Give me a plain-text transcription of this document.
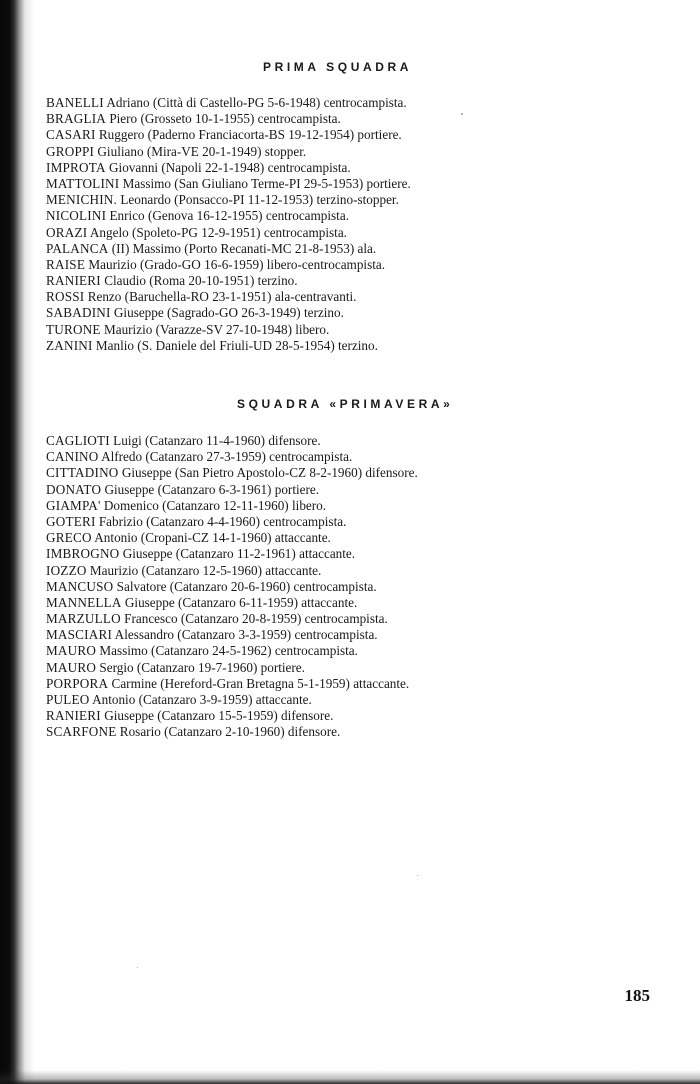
PRIMA SQUADRA
BANELLI Adriano (Città di Castello-PG 5-6-1948) centrocampista.
BRAGLIA Piero (Grosseto 10-1-1955) centrocampista.
CASARI Ruggero (Paderno Franciacorta-BS 19-12-1954) portiere.
GROPPI Giuliano (Mira-VE 20-1-1949) stopper.
IMPROTA Giovanni (Napoli 22-1-1948) centrocampista.
MATTOLINI Massimo (San Giuliano Terme-PI 29-5-1953) portiere.
MENICHIN. Leonardo (Ponsacco-PI 11-12-1953) terzino-stopper.
NICOLINI Enrico (Genova 16-12-1955) centrocampista.
ORAZI Angelo (Spoleto-PG 12-9-1951) centrocampista.
PALANCA (II) Massimo (Porto Recanati-MC 21-8-1953) ala.
RAISE Maurizio (Grado-GO 16-6-1959) libero-centrocampista.
RANIERI Claudio (Roma 20-10-1951) terzino.
ROSSI Renzo (Baruchella-RO 23-1-1951) ala-centravanti.
SABADINI Giuseppe (Sagrado-GO 26-3-1949) terzino.
TURONE Maurizio (Varazze-SV 27-10-1948) libero.
ZANINI Manlio (S. Daniele del Friuli-UD 28-5-1954) terzino.
SQUADRA «PRIMAVERA»
CAGLIOTI Luigi (Catanzaro 11-4-1960) difensore.
CANINO Alfredo (Catanzaro 27-3-1959) centrocampista.
CITTADINO Giuseppe (San Pietro Apostolo-CZ 8-2-1960) difensore.
DONATO Giuseppe (Catanzaro 6-3-1961) portiere.
GIAMPA' Domenico (Catanzaro 12-11-1960) libero.
GOTERI Fabrizio (Catanzaro 4-4-1960) centrocampista.
GRECO Antonio (Cropani-CZ 14-1-1960) attaccante.
IMBROGNO Giuseppe (Catanzaro 11-2-1961) attaccante.
IOZZO Maurizio (Catanzaro 12-5-1960) attaccante.
MANCUSO Salvatore (Catanzaro 20-6-1960) centrocampista.
MANNELLA Giuseppe (Catanzaro 6-11-1959) attaccante.
MARZULLO Francesco (Catanzaro 20-8-1959) centrocampista.
MASCIARI Alessandro (Catanzaro 3-3-1959) centrocampista.
MAURO Massimo (Catanzaro 24-5-1962) centrocampista.
MAURO Sergio (Catanzaro 19-7-1960) portiere.
PORPORA Carmine (Hereford-Gran Bretagna 5-1-1959) attaccante.
PULEO Antonio (Catanzaro 3-9-1959) attaccante.
RANIERI Giuseppe (Catanzaro 15-5-1959) difensore.
SCARFONE Rosario (Catanzaro 2-10-1960) difensore.
185
